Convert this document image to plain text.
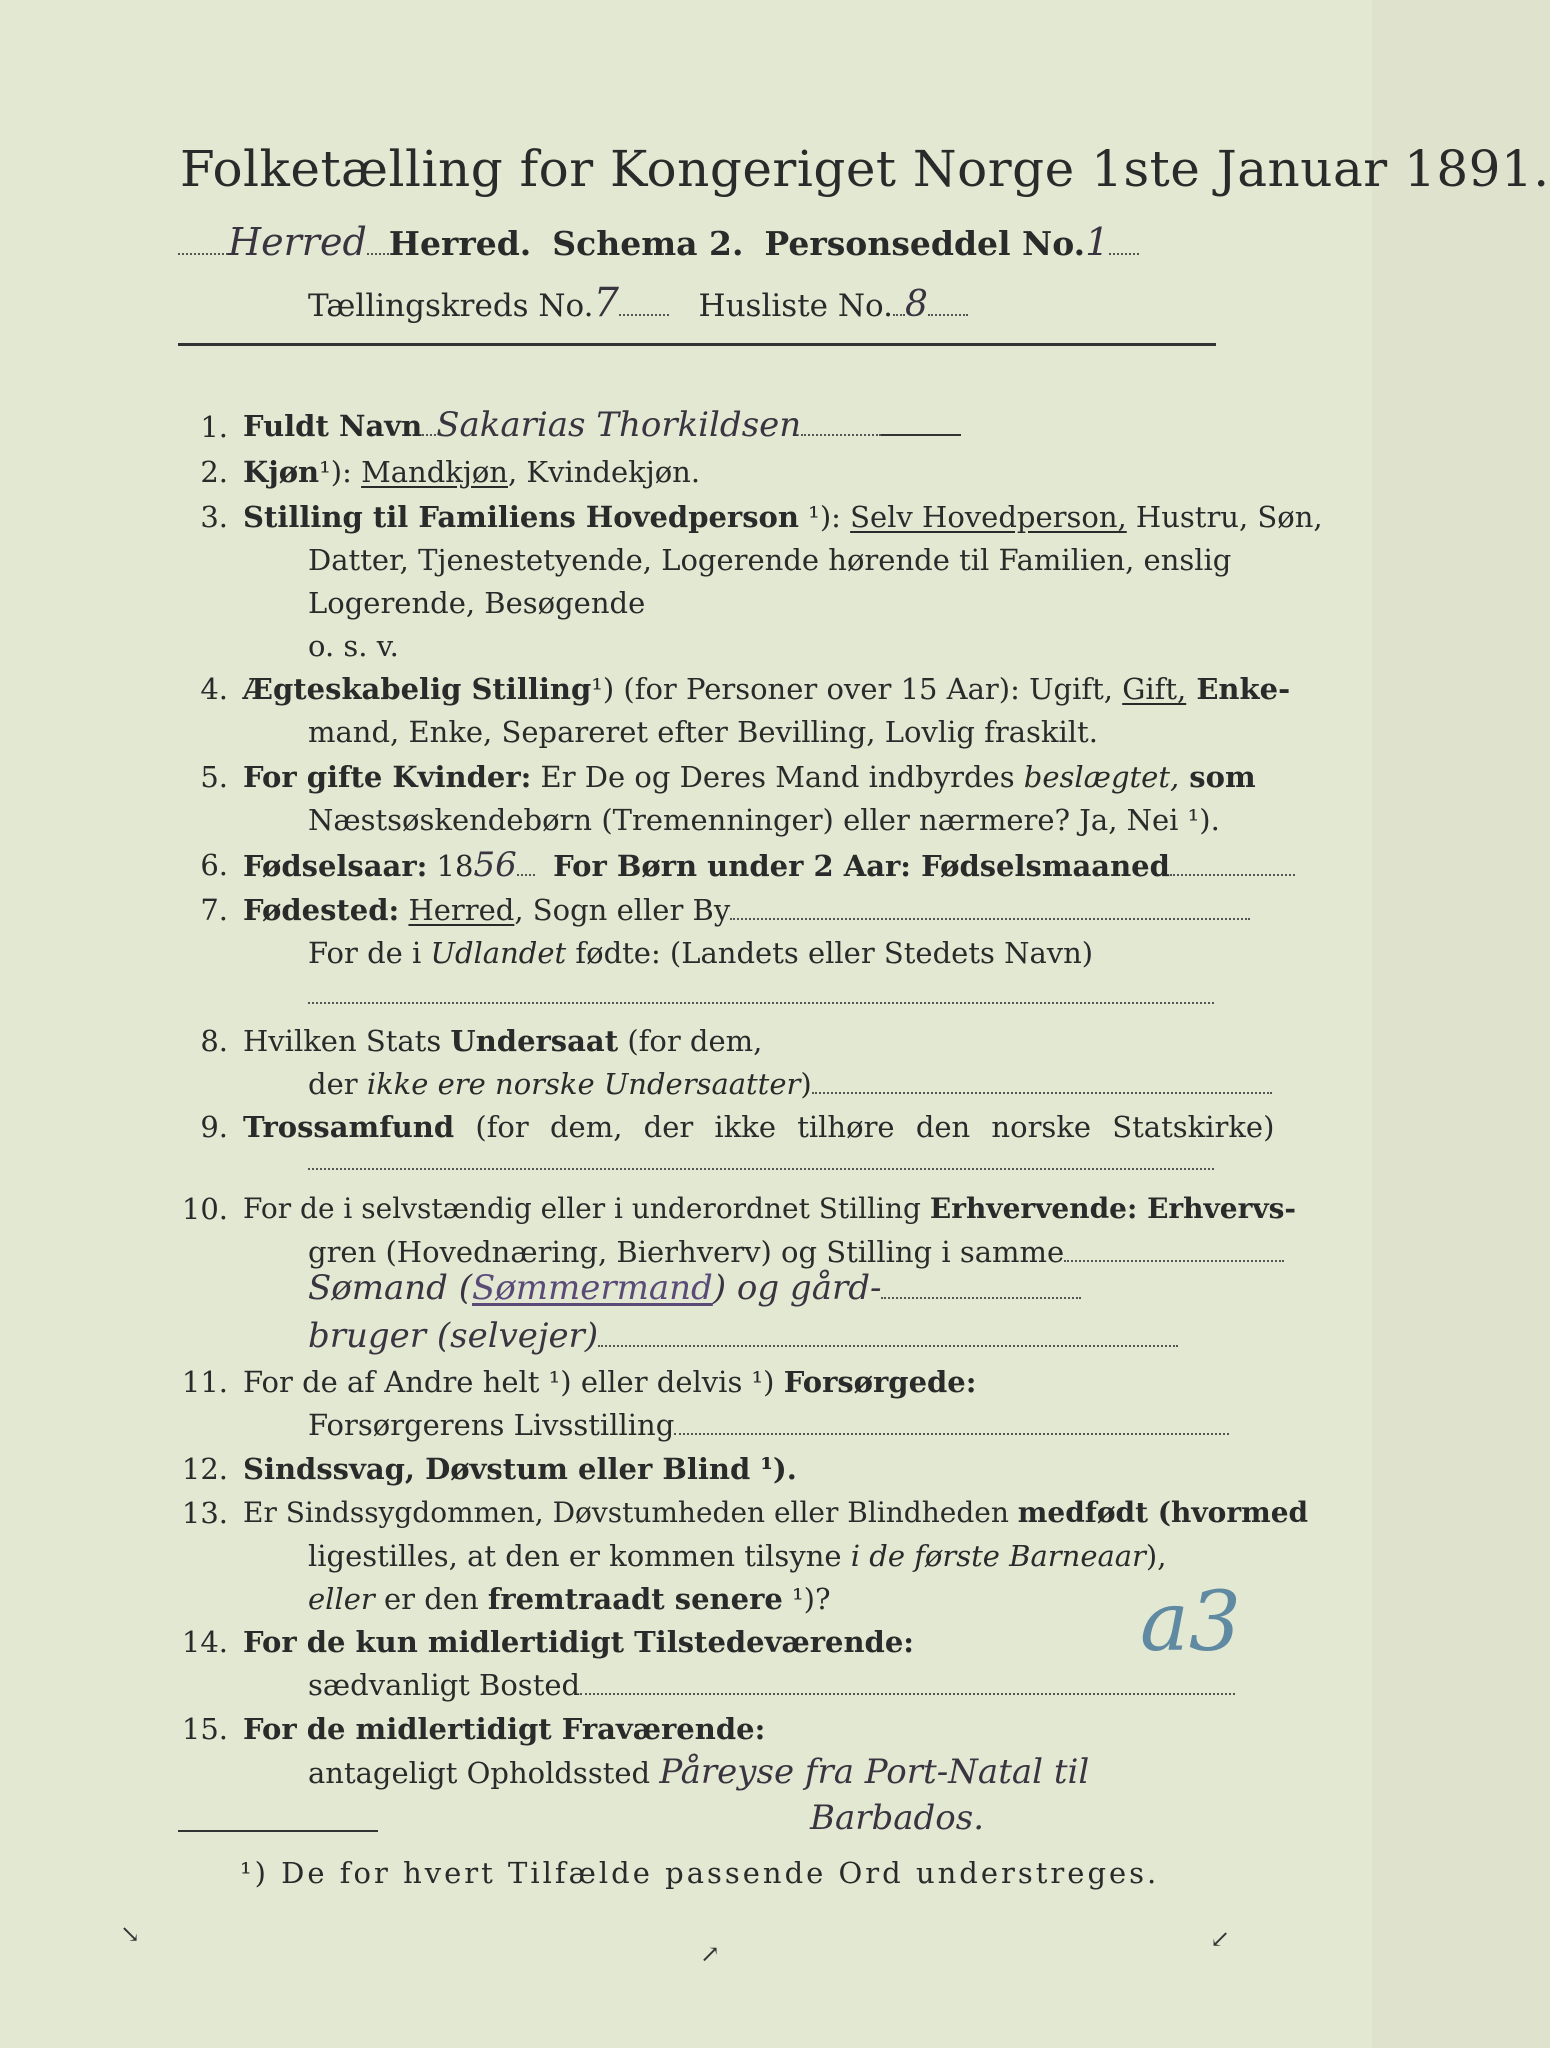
Folketælling for Kongeriget Norge 1ste Januar 1891.
Herred Herred. Schema 2. Personseddel No.1
Tællingskreds No.7	Husliste No. 8
1. Fuldt Navn Sakarias Thorkildsen
2. Kjøn¹): Mandkjøn, Kvindekjøn.
3. Stilling til Familiens Hovedperson ¹): Selv Hovedperson, Hustru, Søn,
Datter, Tjenestetyende, Logerende hørende til Familien, enslig
Logerende, Besøgende
o. s. v.
4. Ægteskabelig Stilling¹) (for Personer over 15 Aar): Ugift, Gift, Enke-
mand, Enke, Separeret efter Bevilling, Lovlig fraskilt.
5. For gifte Kvinder: Er De og Deres Mand indbyrdes beslægtet, som
Næstsøskendebørn (Tremenninger) eller nærmere? Ja, Nei ¹).
6. Fødselsaar: 1856 For Børn under 2 Aar: Fødselsmaaned
7. Fødested: Herred, Sogn eller By
For de i Udlandet fødte: (Landets eller Stedets Navn)
8. Hvilken Stats Undersaat (for dem,
der ikke ere norske Undersaatter)
9. Trossamfund (for dem, der ikke tilhøre den norske Statskirke)
10. For de i selvstændig eller i underordnet Stilling Erhvervende: Erhvervs-
gren (Hovednæring, Bierhverv) og Stilling i samme
Sømand (Sømmermand) og gård-
bruger (selvejer)
11. For de af Andre helt ¹) eller delvis ¹) Forsørgede:
Forsørgerens Livsstilling
12. Sindssvag, Døvstum eller Blind ¹).
13. Er Sindssygdommen, Døvstumheden eller Blindheden medfødt (hvormed
ligestilles, at den er kommen tilsyne i de første Barneaar),
eller er den fremtraadt senere ¹)?
14. For de kun midlertidigt Tilstedeværende:
sædvanligt Bosted
15. For de midlertidigt Fraværende:
antageligt Opholdssted Påreyse fra Port-Natal til
Barbados.
a3
¹) De for hvert Tilfælde passende Ord understreges.
↘
↗
↙
